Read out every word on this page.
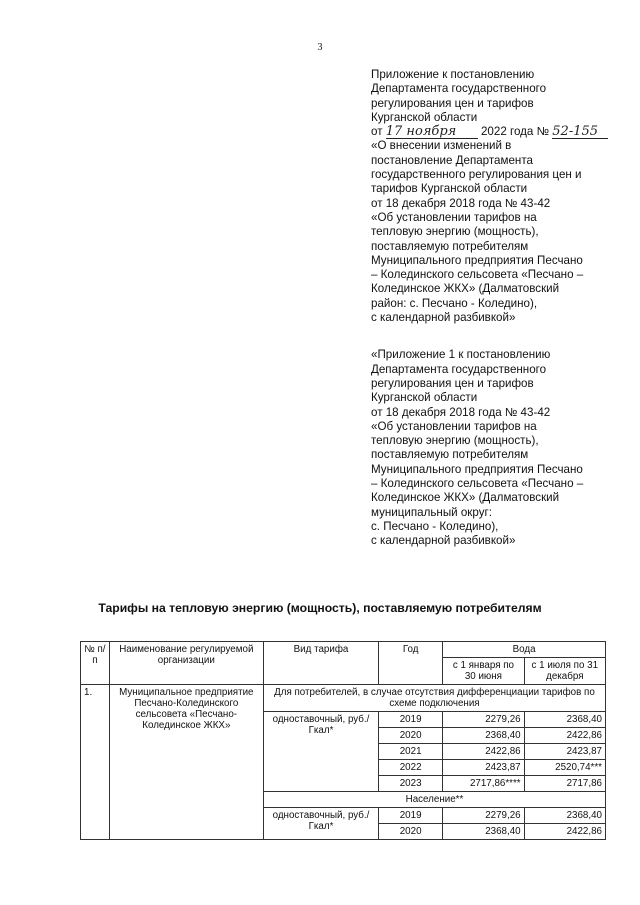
3

Приложение к постановлению

Департамента государственного

регулирования цен и тарифов

Курганской области

от 17 ноября 2022 года № 52-155

«О внесении изменений в

постановление Департамента

государственного регулирования цен и

тарифов Курганской области

от 18 декабря 2018 года № 43-42

«Об установлении тарифов на

тепловую энергию (мощность),

поставляемую потребителям

Муниципального предприятия Песчано

– Колединского сельсовета «Песчано –

Колединское ЖКХ» (Далматовский

район: с. Песчано - Колединo),

с календарной разбивкой»

«Приложение 1 к постановлению

Департамента государственного

регулирования цен и тарифов

Курганской области

от 18 декабря 2018 года № 43-42

«Об установлении тарифов на

тепловую энергию (мощность),

поставляемую потребителям

Муниципального предприятия Песчано

– Колединского сельсовета «Песчано –

Колединское ЖКХ» (Далматовский

муниципальный округ:

с. Песчано - Коледино),

с календарной разбивкой»

Тарифы на тепловую энергию (мощность), поставляемую потребителям
№ п/п	Наименование регулируемой организации	Вид тарифа	Год	Вода	
				с 1 января по 30 июня	с 1 июля по 31 декабря
1.	Муниципальное предприятие Песчано-Колединского сельсовета «Песчано-Колединское ЖКХ»	Для потребителей, в случае отсутствия дифференциации тарифов по схеме подключения			
		одноставочный, руб./Гкал*	2019	2279,26	2368,40
			2020	2368,40	2422,86
			2021	2422,86	2423,87
			2022	2423,87	2520,74***
			2023	2717,86****	2717,86
		Население**			
		одноставочный, руб./Гкал*	2019	2279,26	2368,40
			2020	2368,40	2422,86
